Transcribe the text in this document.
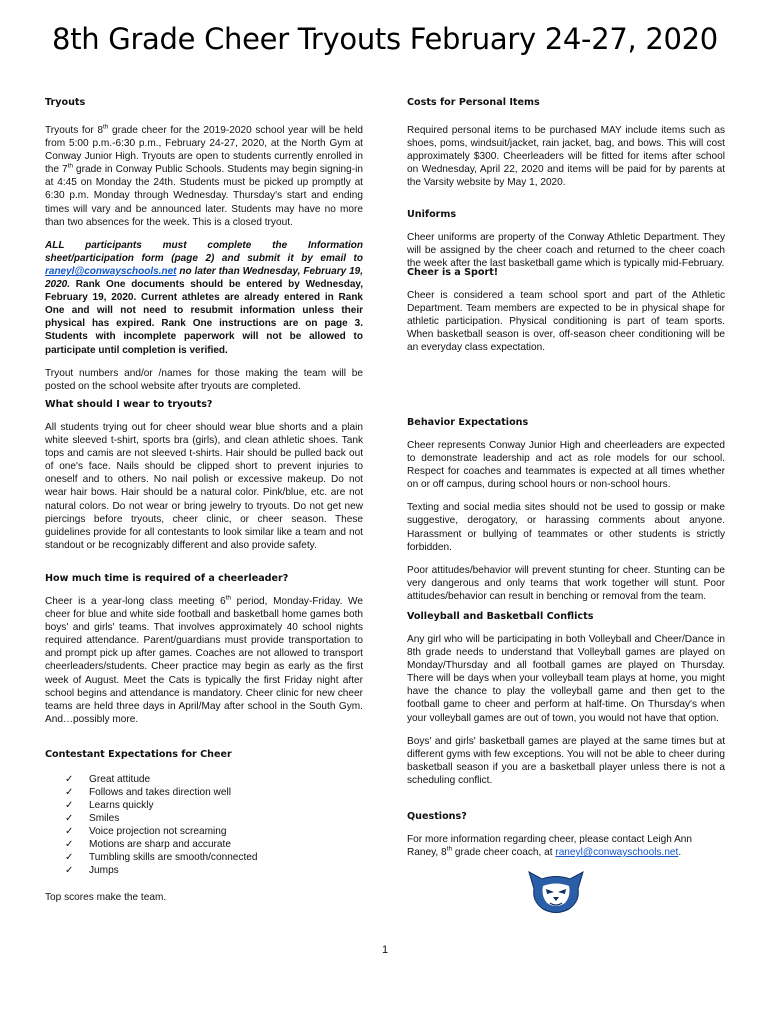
8th Grade Cheer Tryouts February 24-27, 2020
Tryouts

Tryouts for 8th grade cheer for the 2019-2020 school year will be held from 5:00 p.m.-6:30 p.m., February 24-27, 2020, at the North Gym at Conway Junior High. Tryouts are open to students currently enrolled in the 7th grade in Conway Public Schools. Students may begin signing-in at 4:45 on Monday the 24th. Students must be picked up promptly at 6:30 p.m. Monday through Wednesday. Thursday's start and ending times will vary and be announced later. Students may have no more than two absences for the week. This is a closed tryout.

ALL participants must complete the Information sheet/participation form (page 2) and submit it by email to raneyl@conwayschools.net no later than Wednesday, February 19, 2020. Rank One documents should be entered by Wednesday, February 19, 2020. Current athletes are already entered in Rank One and will not need to resubmit information unless their physical has expired. Rank One instructions are on page 3. Students with incomplete paperwork will not be allowed to participate until completion is verified.

Tryout numbers and/or /names for those making the team will be posted on the school website after tryouts are completed.

What should I wear to tryouts?

All students trying out for cheer should wear blue shorts and a plain white sleeved t-shirt, sports bra (girls), and clean athletic shoes. Tank tops and camis are not sleeved t-shirts. Hair should be pulled back out of one's face. Nails should be clipped short to prevent injuries to oneself and to others. No nail polish or excessive makeup. Do not wear hair bows. Hair should be a natural color. Pink/blue, etc. are not natural colors. Do not wear or bring jewelry to tryouts. Do not get new piercings before tryouts, cheer clinic, or cheer season. These guidelines provide for all contestants to look similar like a team and not standout or be recognizably different and also provide safety.

How much time is required of a cheerleader?

Cheer is a year-long class meeting 6th period, Monday-Friday. We cheer for blue and white side football and basketball home games both boys' and girls' teams. That involves approximately 40 school nights required attendance. Parent/guardians must provide transportation to and prompt pick up after games. Coaches are not allowed to transport cheerleaders/students. Cheer practice may begin as early as the first week of August. Meet the Cats is typically the first Friday night after school begins and attendance is mandatory. Cheer clinic for new cheer teams are held three days in April/May after school in the South Gym. And…possibly more.

Contestant Expectations for Cheer
✓	Great attitude
✓	Follows and takes direction well
✓	Learns quickly
✓	Smiles
✓	Voice projection not screaming
✓	Motions are sharp and accurate
✓	Tumbling skills are smooth/connected
✓	Jumps

Top scores make the team.

Costs for Personal Items

Required personal items to be purchased MAY include items such as shoes, poms, windsuit/jacket, rain jacket, bag, and bows. This will cost approximately $300. Cheerleaders will be fitted for items after school on Wednesday, April 22, 2020 and items will be paid for by parents at the Varsity website by May 1, 2020.

Uniforms

Cheer uniforms are property of the Conway Athletic Department. They will be assigned by the cheer coach and returned to the cheer coach the week after the last basketball game which is typically mid-February.

Cheer is a Sport!

Cheer is considered a team school sport and part of the Athletic Department. Team members are expected to be in physical shape for athletic participation. Physical conditioning is part of team sports. When basketball season is over, off-season cheer conditioning will be an everyday class expectation.

Behavior Expectations

Cheer represents Conway Junior High and cheerleaders are expected to demonstrate leadership and act as role models for our school. Respect for coaches and teammates is expected at all times whether on or off campus, during school hours or non-school hours.

Texting and social media sites should not be used to gossip or make suggestive, derogatory, or harassing comments about anyone. Harassment or bullying of teammates or other students is strictly forbidden.

Poor attitudes/behavior will prevent stunting for cheer. Stunting can be very dangerous and only teams that work together will stunt. Poor attitudes/behavior can result in benching or removal from the team.

Volleyball and Basketball Conflicts

Any girl who will be participating in both Volleyball and Cheer/Dance in 8th grade needs to understand that Volleyball games are played on Monday/Thursday and all football games are played on Thursday. There will be days when your volleyball team plays at home, you might have the chance to play the volleyball game and then get to the football game to cheer and perform at half-time. On Thursday's when your volleyball games are out of town, you would not have that option.

Boys' and girls' basketball games are played at the same times but at different gyms with few exceptions. You will not be able to cheer during basketball season if you are a basketball player unless there is not a scheduling conflict.

Questions?

For more information regarding cheer, please contact Leigh Ann Raney, 8th grade cheer coach, at raneyl@conwayschools.net.

1
